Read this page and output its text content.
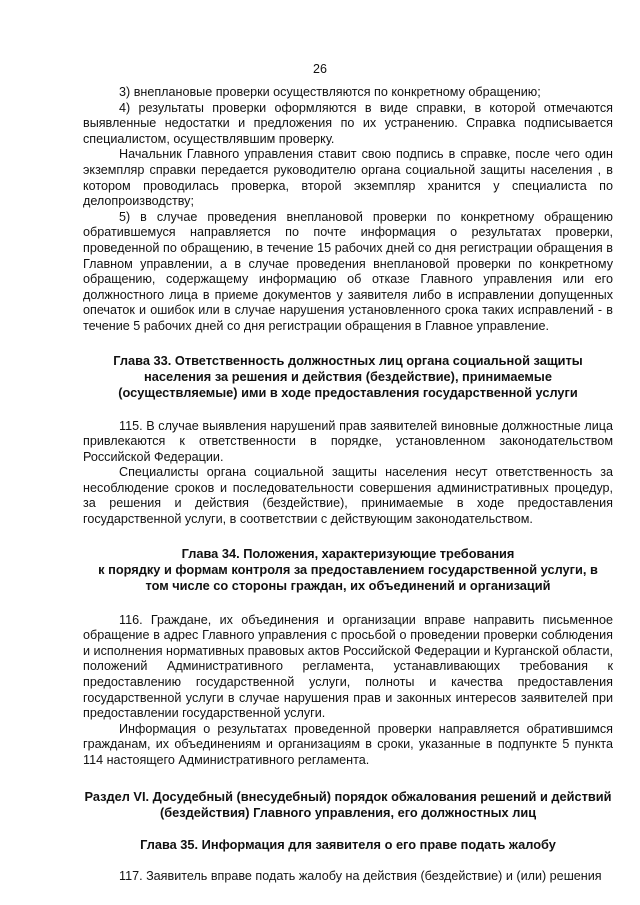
26

3) внеплановые проверки осуществляются по конкретному обращению;

4) результаты проверки оформляются в виде справки, в которой отмечаются выявленные недостатки и предложения по их устранению. Справка подписывается специалистом, осуществлявшим проверку.

Начальник Главного управления ставит свою подпись в справке, после чего один экземпляр справки передается руководителю органа социальной защиты населения , в котором проводилась проверка, второй экземпляр хранится у специалиста по делопроизводству;

5) в случае проведения внеплановой проверки по конкретному обращению обратившемуся направляется по почте информация о результатах проверки, проведенной по обращению, в течение 15 рабочих дней со дня регистрации обращения в Главном управлении, а в случае проведения внеплановой проверки по конкретному обращению, содержащему информацию об отказе Главного управления или его должностного лица в приеме документов у заявителя либо в исправлении допущенных опечаток и ошибок или в случае нарушения установленного срока таких исправлений - в течение 5 рабочих дней со дня регистрации обращения в Главное управление.

Глава 33. Ответственность должностных лиц органа социальной защиты
населения за решения и действия (бездействие), принимаемые
(осуществляемые) ими в ходе предоставления государственной услуги

115. В случае выявления нарушений прав заявителей виновные должностные лица привлекаются к ответственности в порядке, установленном законодательством Российской Федерации.

Специалисты органа социальной защиты населения несут ответственность за несоблюдение сроков и последовательности совершения административных процедур, за решения и действия (бездействие), принимаемые в ходе предоставления государственной услуги, в соответствии с действующим законодательством.

Глава 34. Положения, характеризующие требования
к порядку и формам контроля за предоставлением государственной услуги, в
том числе со стороны граждан, их объединений и организаций

116. Граждане, их объединения и организации вправе направить письменное обращение в адрес Главного управления с просьбой о проведении проверки соблюдения и исполнения нормативных правовых актов Российской Федерации и Курганской области, положений Административного регламента, устанавливающих требования к предоставлению государственной услуги, полноты и качества предоставления государственной услуги в случае нарушения прав и законных интересов заявителей при предоставлении государственной услуги.

Информация о результатах проведенной проверки направляется обратившимся гражданам, их объединениям и организациям в сроки, указанные в подпункте 5 пункта 114 настоящего Административного регламента.

Раздел VI. Досудебный (внесудебный) порядок обжалования решений и действий
(бездействия) Главного управления, его должностных лиц
Глава 35. Информация для заявителя о его праве подать жалобу

117. Заявитель вправе подать жалобу на действия (бездействие) и (или) решения
